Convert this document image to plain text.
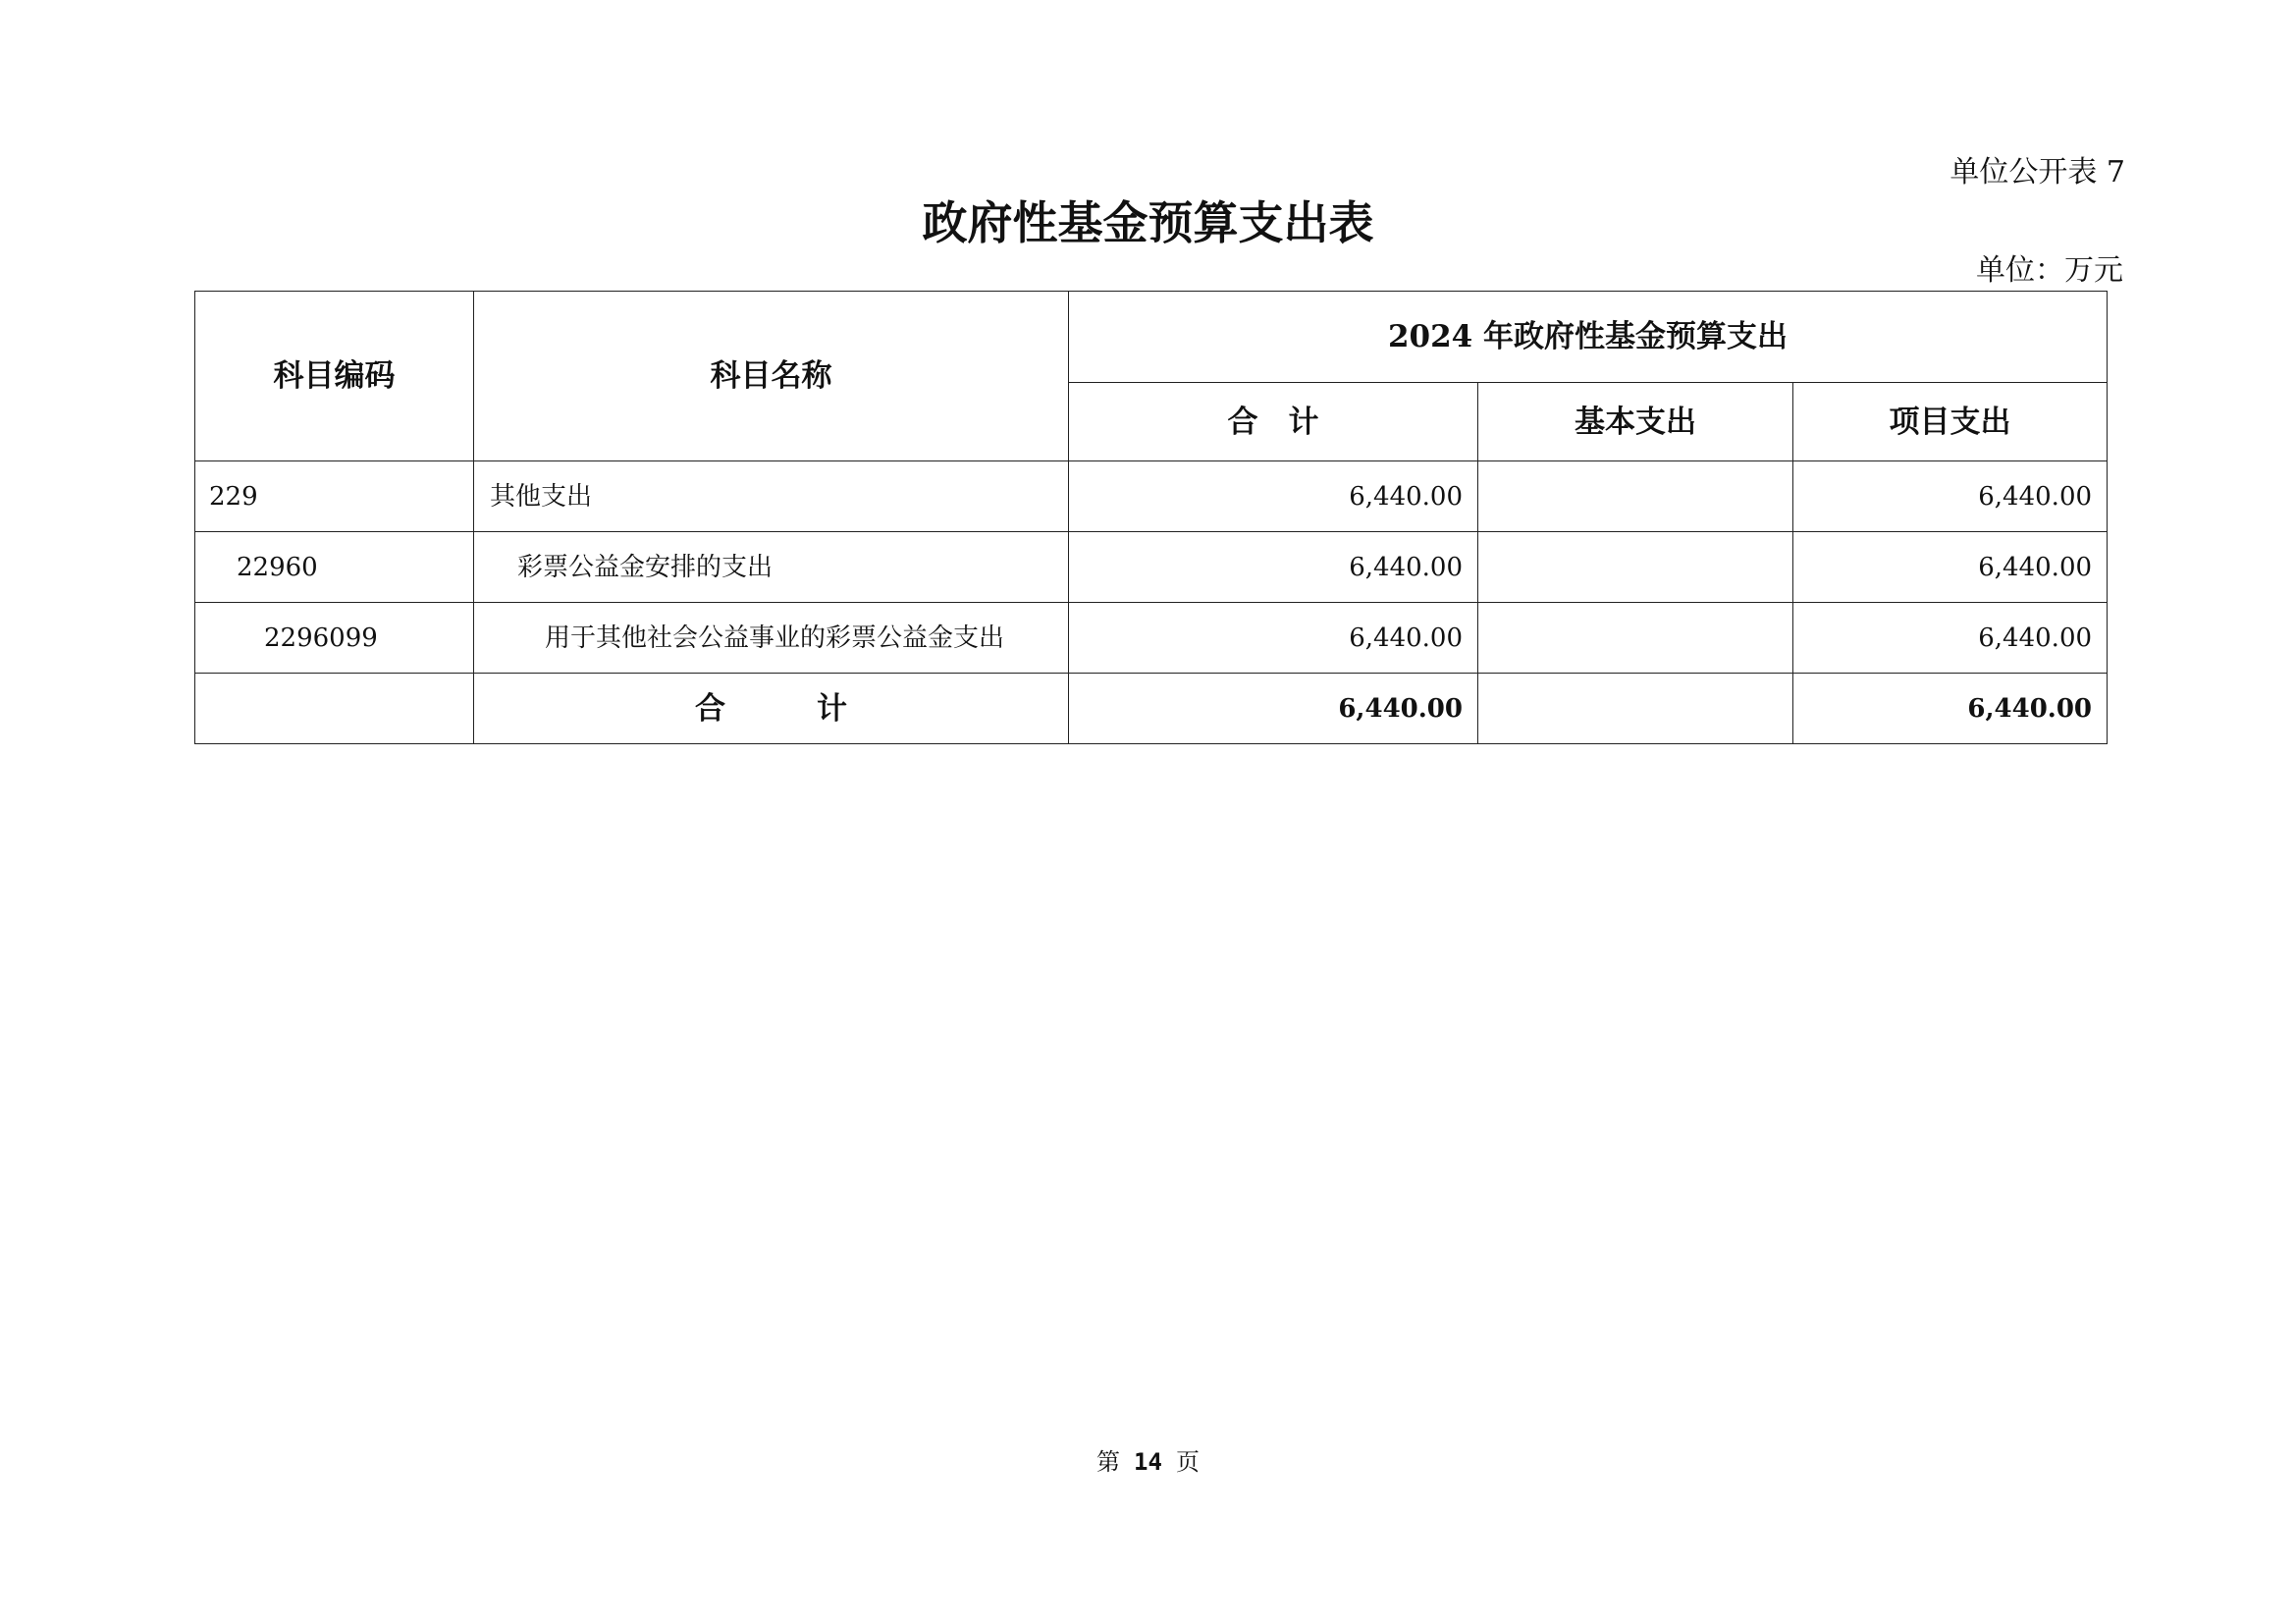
单位公开表 7
政府性基金预算支出表
单位：万元
科目编码	科目名称	2024 年政府性基金预算支出		
		合　计	基本支出	项目支出
229	其他支出	6,440.00		6,440.00
22960	彩票公益金安排的支出	6,440.00		6,440.00
2296099	用于其他社会公益事业的彩票公益金支出	6,440.00		6,440.00
	合　　　计	6,440.00		6,440.00
第 14 页
